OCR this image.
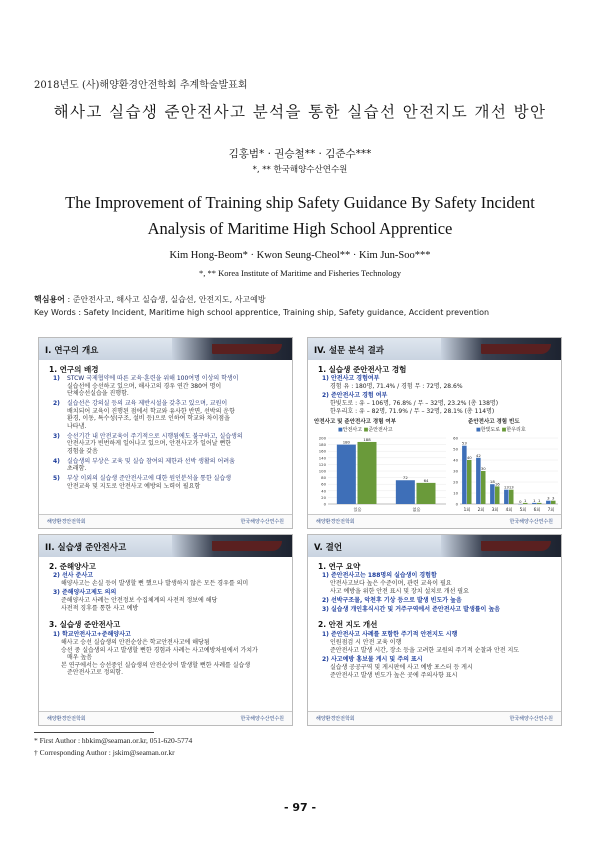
2018년도 (사)해양환경안전학회 추계학술발표회
해사고 실습생 준안전사고 분석을 통한 실습선 안전지도 개선 방안
김홍범* · 권승철** · 김준수***
*, ** 한국해양수산연수원
The Improvement of Training ship Safety Guidance By Safety Incident
Analysis of Maritime High School Apprentice
Kim Hong-Beom* · Kwon Seung-Cheol** · Kim Jun-Soo***
*, ** Korea Institute of Maritime and Fisheries Technology
핵심용어 : 준안전사고, 해사고 실습생, 실습선, 안전지도, 사고예방
Key Words : Safety Incident, Maritime high school apprentice, Training ship, Safety guidance, Accident prevention
I. 연구의 개요
1. 연구의 배경
해양환경안전학회	한국해양수산연수원
1) STCW 국제협약에 따른 교육·훈련을 위해 100여명 이상의 학생이
실습선에 승선하고 있으며, 해사고의 경우 연간 380여 명이
단체승선실습을 진행함.
2) 실습선은 강의실 등의 교육 제반시설을 갖추고 있으며, 교원이
배치되어 교육이 진행된 점에서 학교와 유사한 반면, 선박의 운항
환경, 이동, 특수성(구조, 설비 등)으로 인하여 학교와 차이점을
나타냄.
3) 승선기간 내 안전교육이 주기적으로 시행됨에도 불구하고, 실습생의
안전사고가 빈번하게 일어나고 있으며, 안전사고가 일어날 뻔한
경험을 갖음
4) 실습생의 부상은 교육 및 실습 참여의 제한과 선박 생활의 어려움
초래함.
5) 부상 이외의 실습생 준안전사고에 대한 원인분석을 통한 실습생
안전교육 및 지도로 안전사고 예방의 노력이 필요함
IV. 설문 분석 결과
1. 실습생 준안전사고 경험
1) 안전사고 경험여부
경험 유 : 180명, 71.4% / 경험 무 : 72명, 28.6%
2) 준안전사고 경험 여부
한빛도로 : 유 – 106명, 76.8% / 무 – 32명, 23.2% (총 138명)
한우리호 : 유 – 82명, 71.9% / 무 – 32명, 28.1% (총 114명)
안전사고 및 준안전사고 경험 여부	준안전사고 경험 빈도
■안전사고 ■준안전사고	■한빛도로 ■한우리호
200
180
160
140
120
100
80
60
40
20
0
180
188
있음
72
64
없음
60
50
40
30
20
10
0
53
40
1회
42
30
2회
18 16
3회
13 13
4회
0 1
5회
1 1
6회
3 3
7회
해양환경안전학회	한국해양수산연수원
II. 실습생 준안전사고
2. 준해양사고
2) 선사 준사고
해양사고는 손실 등이 발생할 뻔 했으나 발생하지 않은 모든 경우를 의미
3) 준해양사고제도 의의
준해양사고 사례는 안전정보 수집체계의 사전적 정보에 해당
사전적 징후를 통한 사고 예방
3. 실습생 준안전사고
1) 학교안전사고+준해양사고
해사고 승선 실습생의 안전순상은 학교안전사고에 해당됨
승선 중 실습생의 사고 발생할 뻔한 경험과 사례는 사고예방차원에서 가치가
매우 높음
본 연구에서는 승선중인 실습생의 안전순상이 발생할 뻔한 사례를 실습생
준안전사고로 정의함.
해양환경안전학회	한국해양수산연수원
V. 결언
1. 연구 요약
1) 준안전사고는 188명의 실습생이 경험함
안전사고보다 높은 수준이며, 관련 교육이 필요
사고 예방을 위한 안전 표시 및 장치 설치로 개선 필요
2) 선박구조물, 악천후 기상 등으로 발생 빈도가 높음
3) 실습생 개인휴식시간 및 거주구역에서 준안전사고 발생률이 높음
2. 안전 지도 개선
1) 준안전사고 사례를 포함한 주기적 안전지도 시행
인원점검 시 안전 교육 이행
준안전사고 발생 시간, 장소 등을 고려한 교원의 주기적 순찰과 안전 지도
2) 사고예방 홍보물 게시 및 주의 표시
실습생 공공구역 및 게시판에 사고 예방 포스터 등 게시
준안전사고 발생 빈도가 높은 곳에 주의사항 표시
해양환경안전학회	한국해양수산연수원
* First Author : hbkim@seaman.or.kr, 051-620-5774
† Corresponding Author : jskim@seaman.or.kr
- 97 -
